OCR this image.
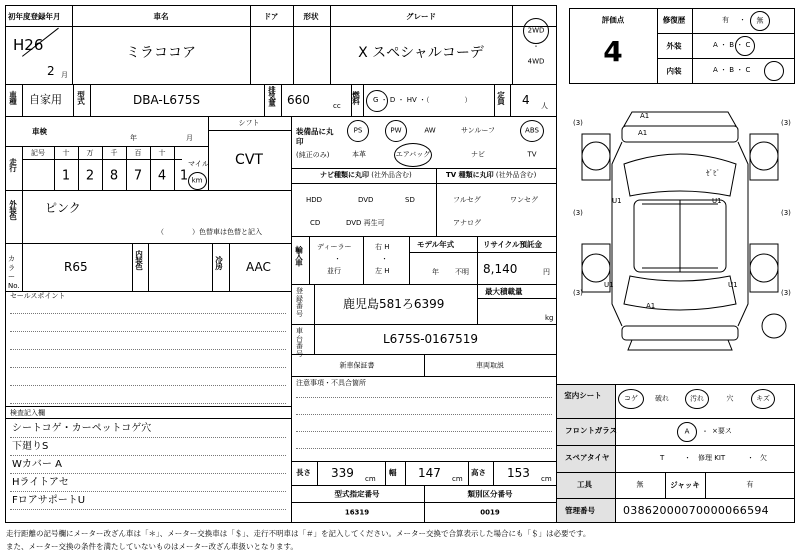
初年度登録年月	車名	ドア	形状	グレード
H26
2 月
ミラココア	X スペシャルコーデ
2WD
・
4WD
車種 自家用 型式	DBA-L675S	排気量 660	cc
燃料 G ・ D ・ HV ・（　　　　　）	定員 4 人
車検
年	月
シフト
CVT
走行
記号	十 万 千 百 十
マイル
1 2 8 7 4 1 km
装備品に丸印
(純正のみ)
PS	PW	AW	サンルーフ	ABS
本革	エアバッグ	ナビ	TV
ナビ種類に丸印 (社外品含む)	TV 種類に丸印 (社外品含む)
HDD	DVD	SD
CD	DVD 再生可
フルセグ	ワンセグ
アナログ
外装色 ピンク
（　　　　）色替車は色替と記入
カラーNo.
R65	内装色	冷房 AAC
輸入車 ディーラー
・
並行
右 H
・
左 H
モデル年式
年 不明
リサイクル預託金
8,140	円
登録番号
鹿児島581ろ6399
最大積載量
kg
車台番号
L675S-0167519
セールスポイント
新車保証書	車両取説
注意事項・不具合箇所
長さ 339 cm
幅 147 cm
高さ 153 cm
型式指定番号
16319
類別区分番号
0019
検査記入欄
シートコゲ・カーペットコゲ穴
下廻りS
Wカバー A
Hライトアセ
FロアサポートU
評価点
4
修復歴	有 ・ 無
外装	A ・ B ・ C
内装	A ・ B ・ C
(3)	(3)
(3)	(3)
(3)	(3)
A1
A1
U1	U1
U1	U1
ｾﾞﾋﾟ
A1
室内シート	コゲ 破れ	汚れ	穴	キズ
フロントガラス	A ・ ×要ス
スペアタイヤ	T	・ 修理 KIT	・ 欠
工具	無	ジャッキ	有
管理番号	03862000070000066594
走行距離の記号欄にメーター改ざん車は「＊」、メーター交換車は「＄」、走行不明車は「＃」を記入してください。メーター交換で合算表示した場合にも「＄」は必要です。
また、メーター交換の条件を満たしていないものはメーター改ざん車扱いとなります。
